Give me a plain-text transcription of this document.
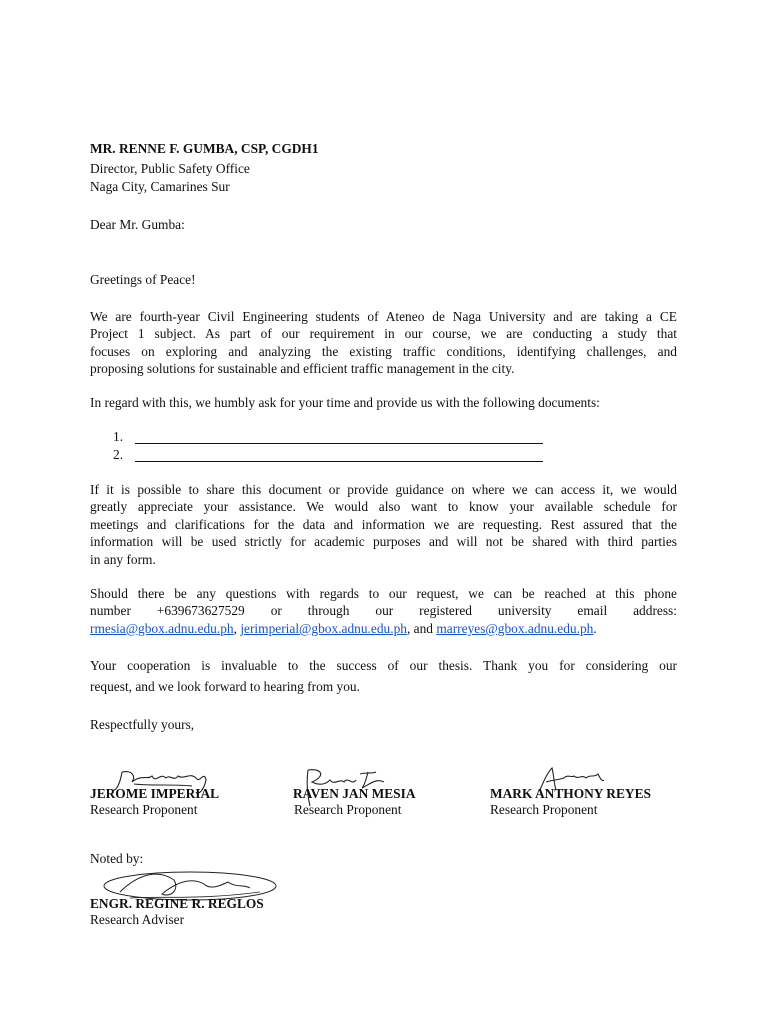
MR. RENNE F. GUMBA, CSP, CGDH1
Director, Public Safety Office
Naga City, Camarines Sur
Dear Mr. Gumba:
Greetings of Peace!
We are fourth-year Civil Engineering students of Ateneo de Naga University and are taking a CE
Project 1 subject. As part of our requirement in our course, we are conducting a study that
focuses on exploring and analyzing the existing traffic conditions, identifying challenges, and
proposing solutions for sustainable and efficient traffic management in the city.
In regard with this, we humbly ask for your time and provide us with the following documents:
1.
2.
If it is possible to share this document or provide guidance on where we can access it, we would
greatly appreciate your assistance. We would also want to know your available schedule for
meetings and clarifications for the data and information we are requesting. Rest assured that the
information will be used strictly for academic purposes and will not be shared with third parties
in any form.
Should there be any questions with regards to our request, we can be reached at this phone
number +639673627529 or through our registered university email address:
rmesia@gbox.adnu.edu.ph, jerimperial@gbox.adnu.edu.ph, and marreyes@gbox.adnu.edu.ph.
Your cooperation is invaluable to the success of our thesis. Thank you for considering our
request, and we look forward to hearing from you.
Respectfully yours,
JEROME IMPERIAL
Research Proponent
RAVEN JAN MESIA
Research Proponent
MARK ANTHONY REYES
Research Proponent
Noted by:
ENGR. REGINE R. REGLOS
Research Adviser
